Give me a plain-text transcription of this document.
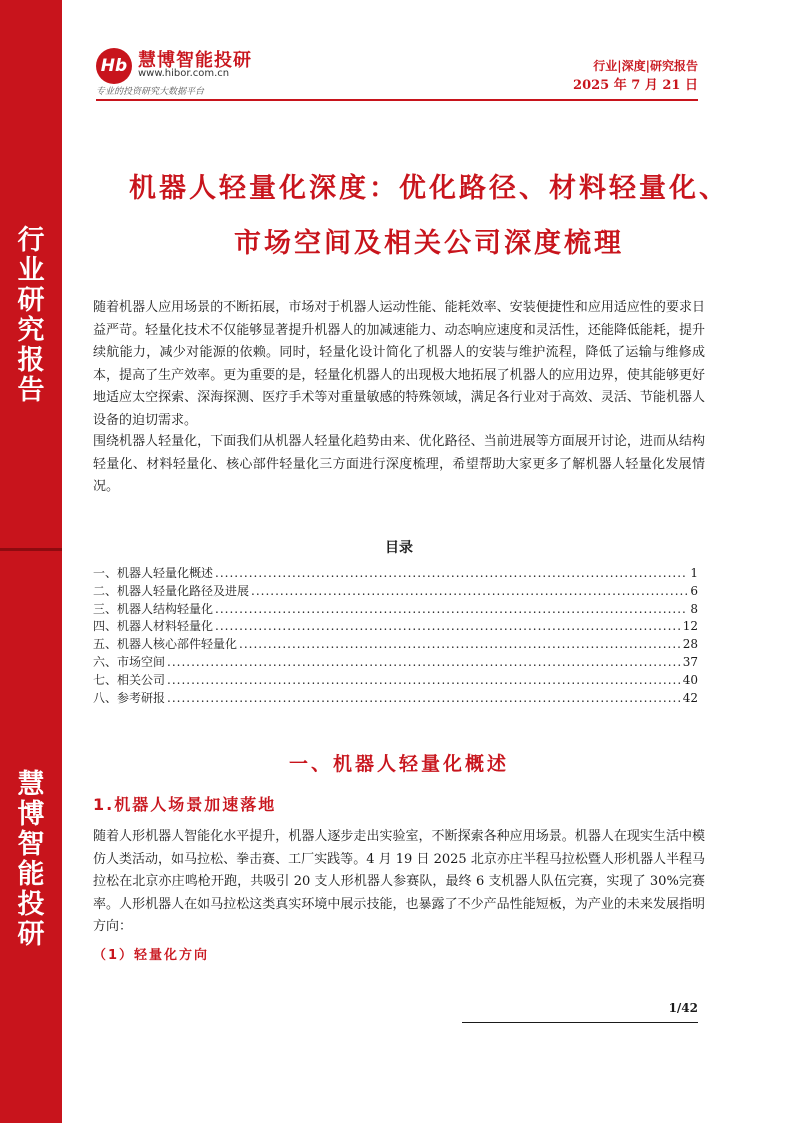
行
业
研
究
报
告
慧
博
智
能
投
研
Hb 慧博智能投研
www.hibor.com.cn
专业的投资研究大数据平台
行业|深度|研究报告
2025 年 7 月 21 日
机器人轻量化深度：优化路径、材料轻量化、
市场空间及相关公司深度梳理
随着机器人应用场景的不断拓展，市场对于机器人运动性能、能耗效率、安装便捷性和应用适应性的要求日益严苛。轻量化技术不仅能够显著提升机器人的加减速能力、动态响应速度和灵活性，还能降低能耗，提升续航能力，减少对能源的依赖。同时，轻量化设计简化了机器人的安装与维护流程，降低了运输与维修成本，提高了生产效率。更为重要的是，轻量化机器人的出现极大地拓展了机器人的应用边界，使其能够更好地适应太空探索、深海探测、医疗手术等对重量敏感的特殊领域，满足各行业对于高效、灵活、节能机器人设备的迫切需求。
围绕机器人轻量化，下面我们从机器人轻量化趋势由来、优化路径、当前进展等方面展开讨论，进而从结构轻量化、材料轻量化、核心部件轻量化三方面进行深度梳理，希望帮助大家更多了解机器人轻量化发展情况。
目录
一、机器人轻量化概述 .....	1
二、机器人轻量化路径及进展 .....	6
三、机器人结构轻量化 .....	8
四、机器人材料轻量化 .....	12
五、机器人核心部件轻量化 .....	28
六、市场空间 .....	37
七、相关公司 .....	40
八、参考研报 .....	42
一、机器人轻量化概述
1.机器人场景加速落地
随着人形机器人智能化水平提升，机器人逐步走出实验室，不断探索各种应用场景。机器人在现实生活中模仿人类活动，如马拉松、拳击赛、工厂实践等。4 月 19 日 2025 北京亦庄半程马拉松暨人形机器人半程马拉松在北京亦庄鸣枪开跑，共吸引 20 支人形机器人参赛队，最终 6 支机器人队伍完赛，实现了 30%完赛率。人形机器人在如马拉松这类真实环境中展示技能，也暴露了不少产品性能短板，为产业的未来发展指明方向：
（1）轻量化方向
1/42
